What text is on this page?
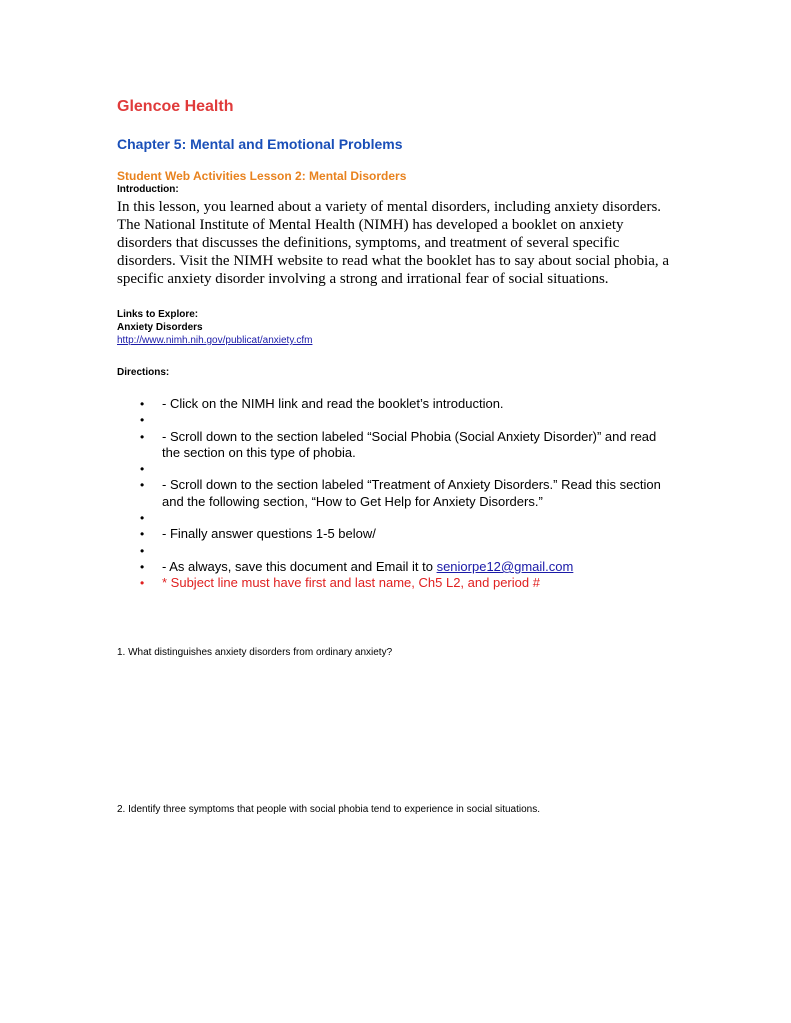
Glencoe Health
Chapter 5: Mental and Emotional Problems
Student Web Activities Lesson 2: Mental Disorders

Introduction:

In this lesson, you learned about a variety of mental disorders, including anxiety disorders. The National Institute of Mental Health (NIMH) has developed a booklet on anxiety disorders that discusses the definitions, symptoms, and treatment of several specific disorders. Visit the NIMH website to read what the booklet has to say about social phobia, a specific anxiety disorder involving a strong and irrational fear of social situations.

Links to Explore:

Anxiety Disorders

http://www.nimh.nih.gov/publicat/anxiety.cfm

Directions:

• - Click on the NIMH link and read the booklet’s introduction.
•
• - Scroll down to the section labeled “Social Phobia (Social Anxiety Disorder)” and read the section on this type of phobia.
•
• - Scroll down to the section labeled “Treatment of Anxiety Disorders.” Read this section and the following section, “How to Get Help for Anxiety Disorders.”
•
• - Finally answer questions 1-5 below/
•
• - As always, save this document and Email it to seniorpe12@gmail.com
• * Subject line must have first and last name, Ch5 L2, and period #

1. What distinguishes anxiety disorders from ordinary anxiety?

2. Identify three symptoms that people with social phobia tend to experience in social situations.
